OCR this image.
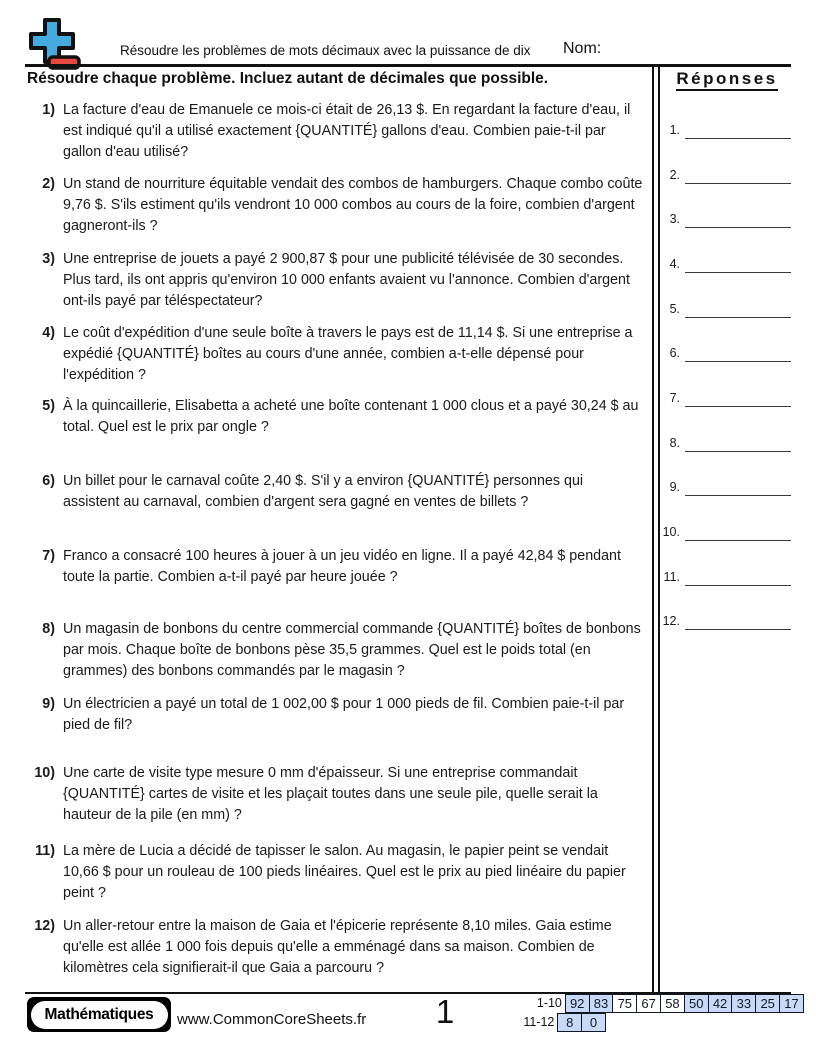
Résoudre les problèmes de mots décimaux avec la puissance de dix Nom:
Résoudre chaque problème. Incluez autant de décimales que possible.
1) La facture d'eau de Emanuele ce mois-ci était de 26,13 $. En regardant la facture d'eau, il est indiqué qu'il a utilisé exactement {QUANTITÉ} gallons d'eau. Combien paie-t-il par gallon d'eau utilisé?
2) Un stand de nourriture équitable vendait des combos de hamburgers. Chaque combo coûte 9,76 $. S'ils estiment qu'ils vendront 10 000 combos au cours de la foire, combien d'argent gagneront-ils ?
3) Une entreprise de jouets a payé 2 900,87 $ pour une publicité télévisée de 30 secondes. Plus tard, ils ont appris qu'environ 10 000 enfants avaient vu l'annonce. Combien d'argent ont-ils payé par téléspectateur?
4) Le coût d'expédition d'une seule boîte à travers le pays est de 11,14 $. Si une entreprise a expédié {QUANTITÉ} boîtes au cours d'une année, combien a-t-elle dépensé pour l'expédition ?
5) À la quincaillerie, Elisabetta a acheté une boîte contenant 1 000 clous et a payé 30,24 $ au total. Quel est le prix par ongle ?
6) Un billet pour le carnaval coûte 2,40 $. S'il y a environ {QUANTITÉ} personnes qui assistent au carnaval, combien d'argent sera gagné en ventes de billets ?
7) Franco a consacré 100 heures à jouer à un jeu vidéo en ligne. Il a payé 42,84 $ pendant toute la partie. Combien a-t-il payé par heure jouée ?
8) Un magasin de bonbons du centre commercial commande {QUANTITÉ} boîtes de bonbons par mois. Chaque boîte de bonbons pèse 35,5 grammes. Quel est le poids total (en grammes) des bonbons commandés par le magasin ?
9) Un électricien a payé un total de 1 002,00 $ pour 1 000 pieds de fil. Combien paie-t-il par pied de fil?
10) Une carte de visite type mesure 0 mm d'épaisseur. Si une entreprise commandait {QUANTITÉ} cartes de visite et les plaçait toutes dans une seule pile, quelle serait la hauteur de la pile (en mm) ?
11) La mère de Lucia a décidé de tapisser le salon. Au magasin, le papier peint se vendait 10,66 $ pour un rouleau de 100 pieds linéaires. Quel est le prix au pied linéaire du papier peint ?
12) Un aller-retour entre la maison de Gaia et l'épicerie représente 8,10 miles. Gaia estime qu'elle est allée 1 000 fois depuis qu'elle a emménagé dans sa maison. Combien de kilomètres cela signifierait-il que Gaia a parcouru ?
Réponses
1.
2.
3.
4.
5.
6.
7.
8.
9.
10.
11.
12.
Mathématiques www.CommonCoreSheets.fr	1	1-10 92 83 75 67 58 50 42 33 25 17
11-12 8	0
